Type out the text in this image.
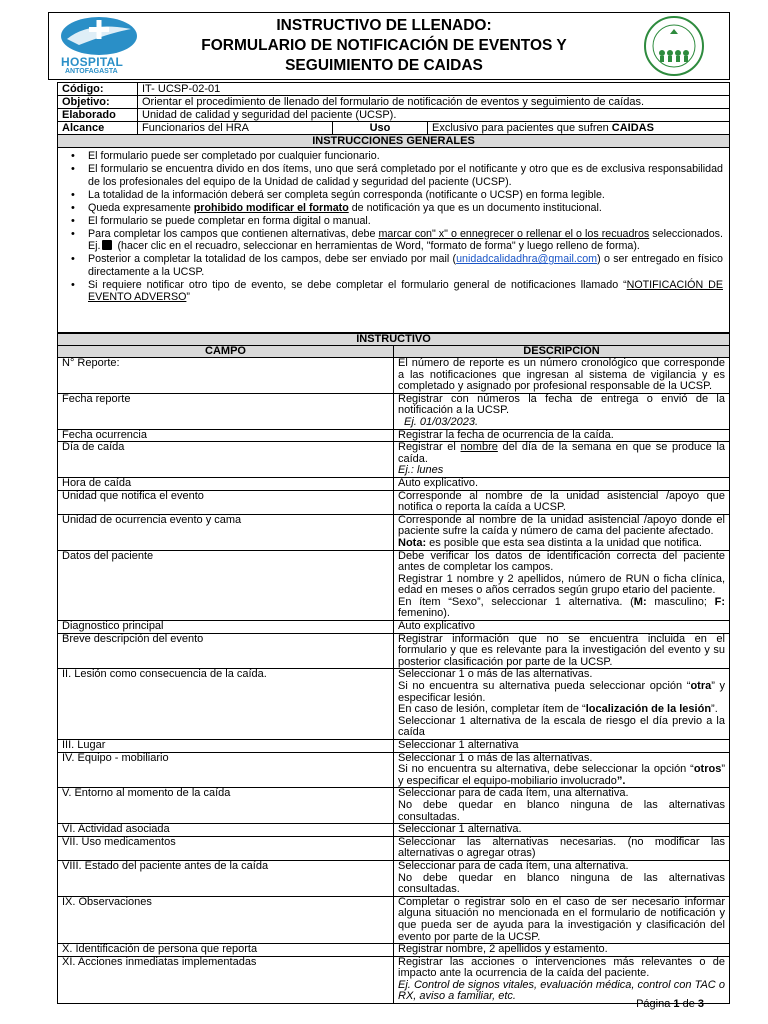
HOSPITAL
ANTOFAGASTA
INSTRUCTIVO DE LLENADO:
FORMULARIO DE NOTIFICACIÓN DE EVENTOS Y
SEGUIMIENTO DE CAIDAS
Código:	IT- UCSP-02-01		
Objetivo:	Orientar el procedimiento de llenado del formulario de notificación de eventos y seguimiento de caídas.		
Elaborado	Unidad de calidad y seguridad del paciente (UCSP).		
Alcance	Funcionarios del HRA	Uso	Exclusivo para pacientes que sufren CAIDAS
INSTRUCCIONES GENERALES			
• El formulario puede ser completado por cualquier funcionario.
• El formulario se encuentra divido en dos ítems, uno que será completado por el notificante y otro que es de exclusiva responsabilidad de los profesionales del equipo de la Unidad de calidad y seguridad del paciente (UCSP).
• La totalidad de la información deberá ser completa según corresponda (notificante o UCSP) en forma legible.
• Queda expresamente prohibido modificar el formato de notificación ya que es un documento institucional.
• El formulario se puede completar en forma digital o manual.
• Para completar los campos que contienen alternativas, debe marcar con" x" o ennegrecer o rellenar el o los recuadros seleccionados. Ej. (hacer clic en el recuadro, seleccionar en herramientas de Word, "formato de forma" y luego relleno de forma).
• Posterior a completar la totalidad de los campos, debe ser enviado por mail (unidadcalidadhra@gmail.com) o ser entregado en físico directamente a la UCSP.
• Si requiere notificar otro tipo de evento, se debe completar el formulario general de notificaciones llamado “NOTIFICACIÓN DE EVENTO ADVERSO”
INSTRUCTIVO	
CAMPO	DESCRIPCION
N° Reporte:	El número de reporte es un número cronológico que corresponde a las notificaciones que ingresan al sistema de vigilancia y es completado y asignado por profesional responsable de la UCSP.
Fecha reporte	Registrar con números la fecha de entrega o envió de la notificación a la UCSP.
Ej. 01/03/2023.

Fecha ocurrencia	Registrar la fecha de ocurrencia de la caída.
Día de caída	Registrar el nombre del día de la semana en que se produce la caída.
Ej.: lunes

Hora de caída	Auto explicativo.
Unidad que notifica el evento	Corresponde al nombre de la unidad asistencial /apoyo que notifica o reporta la caída a UCSP.
Unidad de ocurrencia evento y cama	Corresponde al nombre de la unidad asistencial /apoyo donde el paciente sufre la caída y número de cama del paciente afectado.
Nota: es posible que esta sea distinta a la unidad que notifica.

Datos del paciente	Debe verificar los datos de identificación correcta del paciente antes de completar los campos.
Registrar 1 nombre y 2 apellidos, número de RUN o ficha clínica, edad en meses o años cerrados según grupo etario del paciente.
En ítem “Sexo”, seleccionar 1 alternativa. (M: masculino; F: femenino).

Diagnostico principal	Auto explicativo
Breve descripción del evento	Registrar información que no se encuentra incluida en el formulario y que es relevante para la investigación del evento y su posterior clasificación por parte de la UCSP.
II. Lesión como consecuencia de la caída.	Seleccionar 1 o más de las alternativas.
Si no encuentra su alternativa pueda seleccionar opción “otra” y especificar lesión.
En caso de lesión, completar ítem de “localización de la lesión”.
Seleccionar 1 alternativa de la escala de riesgo el día previo a la caída

III. Lugar	Seleccionar 1 alternativa
IV. Equipo - mobiliario	Seleccionar 1 o más de las alternativas.
Si no encuentra su alternativa, debe seleccionar la opción “otros” y especificar el equipo-mobiliario involucrado”.

V. Entorno al momento de la caída	Seleccionar para de cada ítem, una alternativa.
No debe quedar en blanco ninguna de las alternativas consultadas.

VI. Actividad asociada	Seleccionar 1 alternativa.
VII. Uso medicamentos	Seleccionar las alternativas necesarias. (no modificar las alternativas o agregar otras)
VIII. Estado del paciente antes de la caída	Seleccionar para de cada ítem, una alternativa.
No debe quedar en blanco ninguna de las alternativas consultadas.

IX. Observaciones	Completar o registrar solo en el caso de ser necesario informar alguna situación no mencionada en el formulario de notificación y que pueda ser de ayuda para la investigación y clasificación del evento por parte de la UCSP.
X. Identificación de persona que reporta	Registrar nombre, 2 apellidos y estamento.
XI. Acciones inmediatas implementadas	Registrar las acciones o intervenciones más relevantes o de impacto ante la ocurrencia de la caída del paciente.
Ej. Control de signos vitales, evaluación médica, control con TAC o RX, aviso a familiar, etc.
Página 1 de 3
